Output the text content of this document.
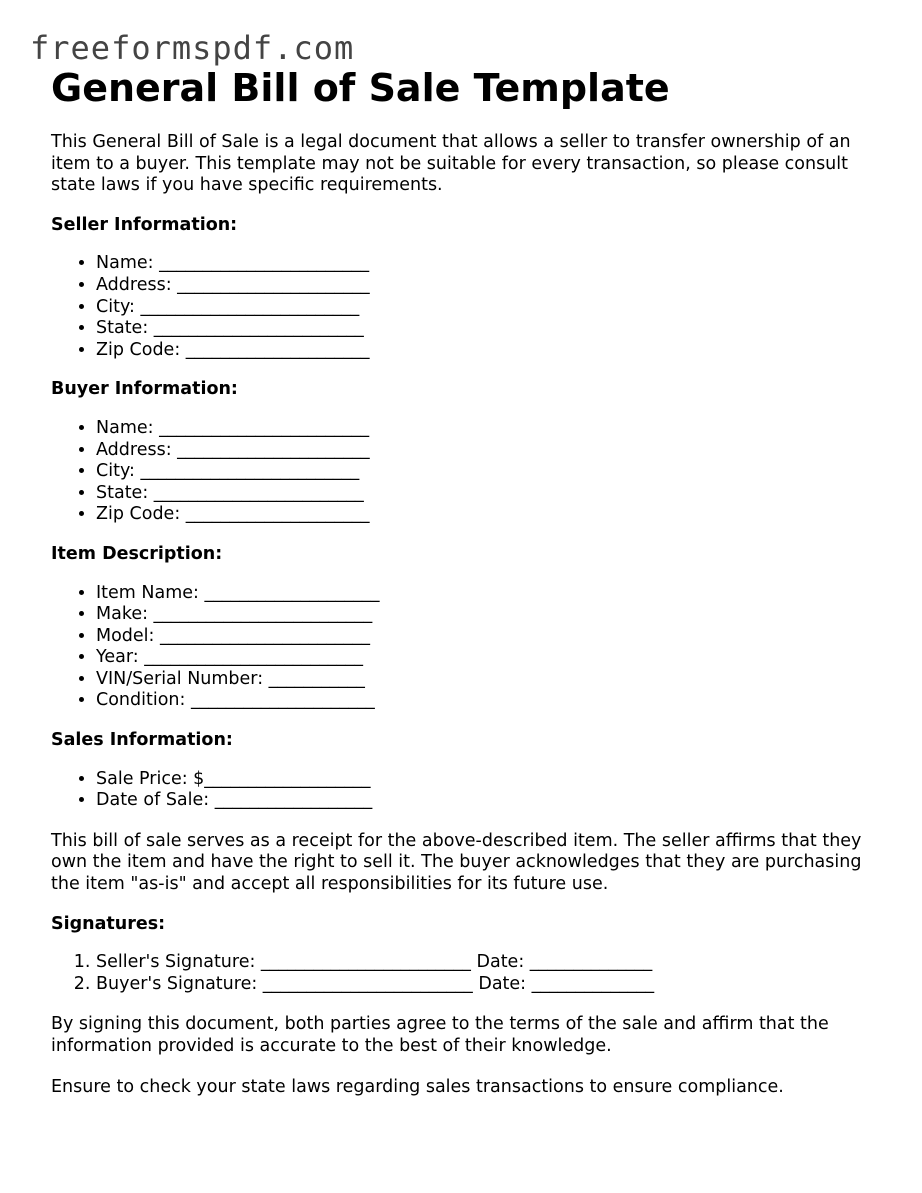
freeformspdf.com
General Bill of Sale Template

This General Bill of Sale is a legal document that allows a seller to transfer ownership of an item to a buyer. This template may not be suitable for every transaction, so please consult state laws if you have specific requirements.

Seller Information:
• Name: ________________________
• Address: ______________________
• City: _________________________
• State: ________________________
• Zip Code: _____________________
Buyer Information:
• Name: ________________________
• Address: ______________________
• City: _________________________
• State: ________________________
• Zip Code: _____________________
Item Description:
• Item Name: ____________________
• Make: _________________________
• Model: ________________________
• Year: _________________________
• VIN/Serial Number: ___________
• Condition: _____________________
Sales Information:
• Sale Price: $___________________
• Date of Sale: __________________

This bill of sale serves as a receipt for the above-described item. The seller affirms that they own the item and have the right to sell it. The buyer acknowledges that they are purchasing the item "as-is" and accept all responsibilities for its future use.

Signatures:
1. Seller's Signature: ________________________ Date: ______________
2. Buyer's Signature: ________________________ Date: ______________

By signing this document, both parties agree to the terms of the sale and affirm that the information provided is accurate to the best of their knowledge.

Ensure to check your state laws regarding sales transactions to ensure compliance.
